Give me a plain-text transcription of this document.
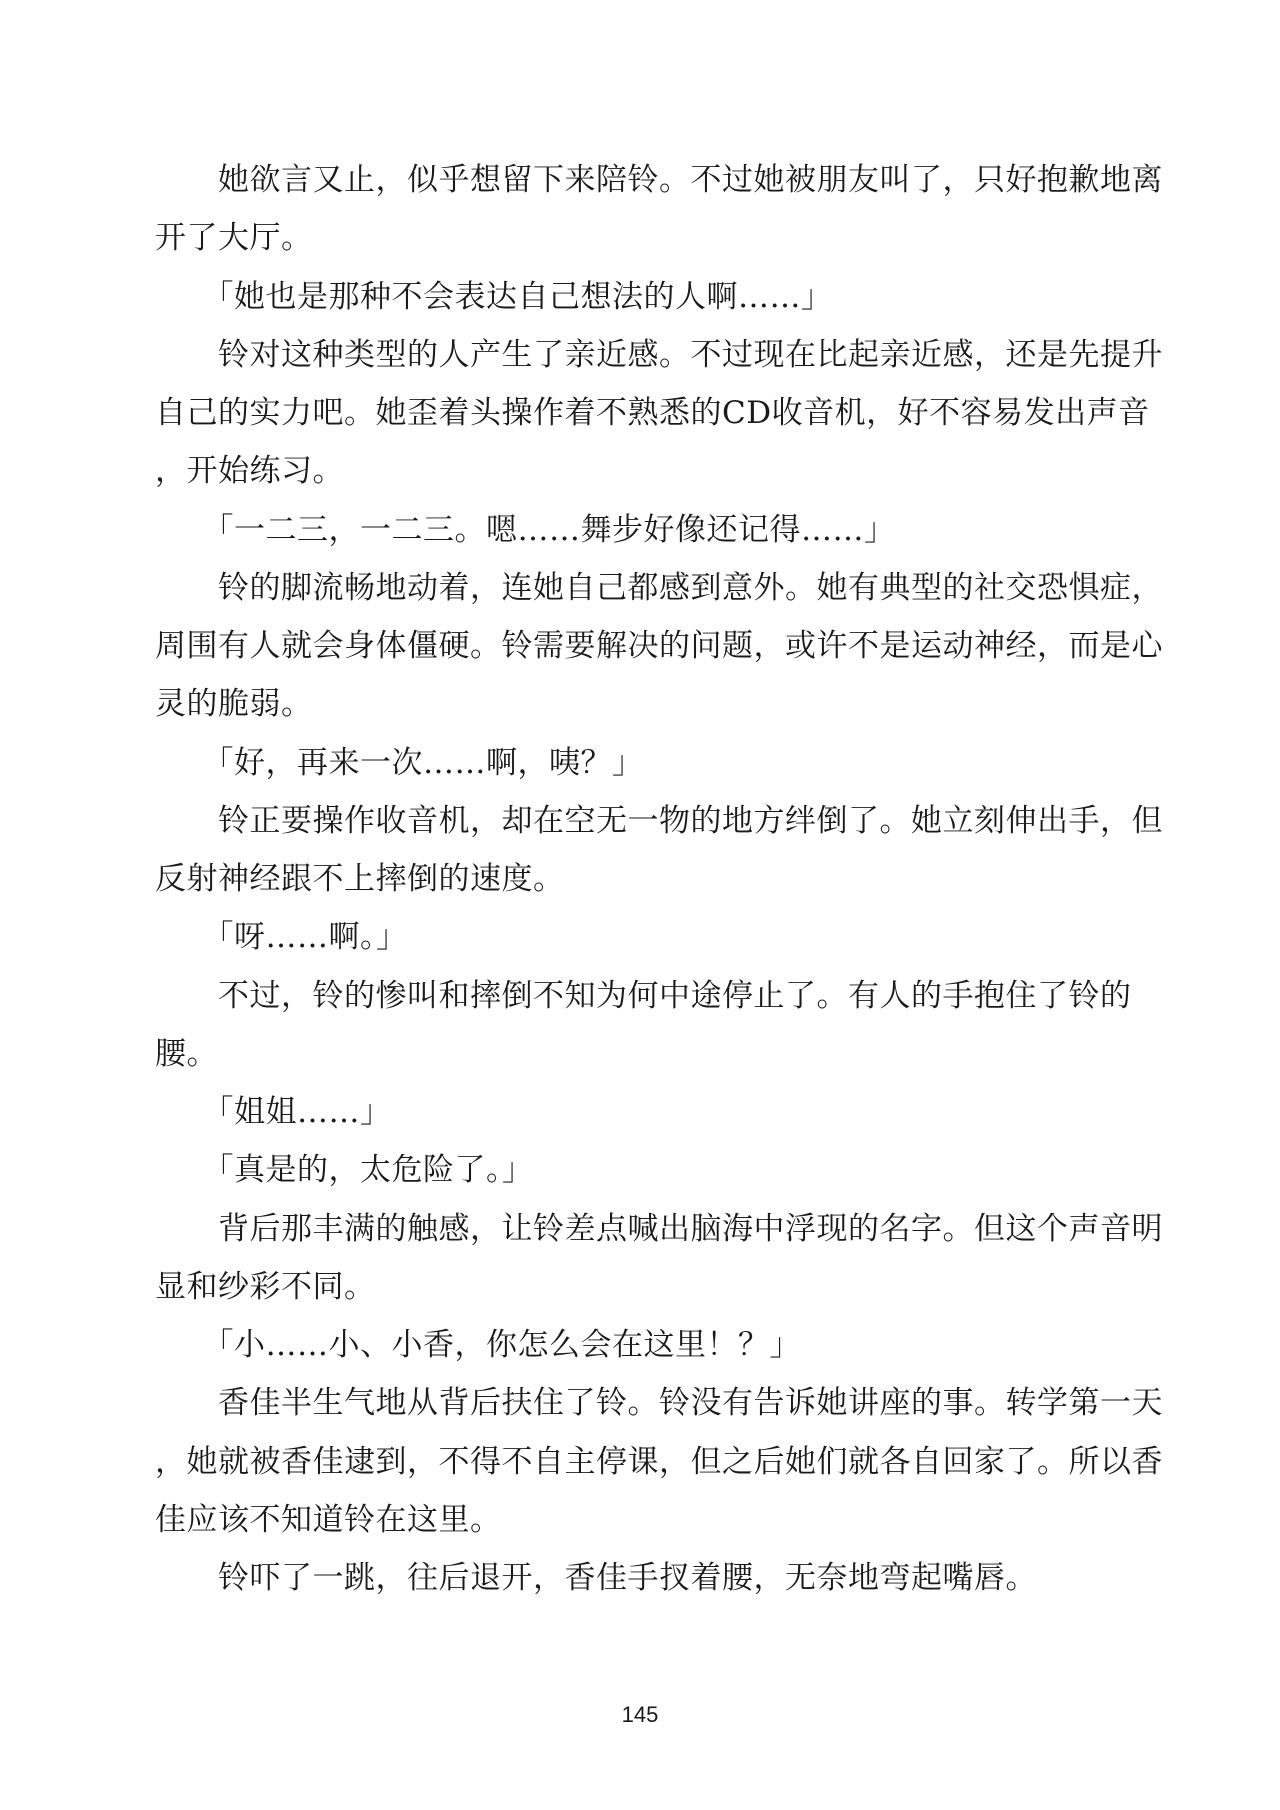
　　她欲言又止，似乎想留下来陪铃。不过她被朋友叫了，只好抱歉地离
开了大厅。
　　「她也是那种不会表达自己想法的人啊……」
　　铃对这种类型的人产生了亲近感。不过现在比起亲近感，还是先提升
自己的实力吧。她歪着头操作着不熟悉的CD收音机，好不容易发出声音
，开始练习。
　　「一二三，一二三。嗯……舞步好像还记得……」
　　铃的脚流畅地动着，连她自己都感到意外。她有典型的社交恐惧症，
周围有人就会身体僵硬。铃需要解决的问题，或许不是运动神经，而是心
灵的脆弱。
　　「好，再来一次……啊，咦？」
　　铃正要操作收音机，却在空无一物的地方绊倒了。她立刻伸出手，但
反射神经跟不上摔倒的速度。
　　「呀……啊。」
　　不过，铃的惨叫和摔倒不知为何中途停止了。有人的手抱住了铃的
腰。
　　「姐姐……」
　　「真是的，太危险了。」
　　背后那丰满的触感，让铃差点喊出脑海中浮现的名字。但这个声音明
显和纱彩不同。
　　「小……小、小香，你怎么会在这里！？」
　　香佳半生气地从背后扶住了铃。铃没有告诉她讲座的事。转学第一天
，她就被香佳逮到，不得不自主停课，但之后她们就各自回家了。所以香
佳应该不知道铃在这里。
　　铃吓了一跳，往后退开，香佳手扠着腰，无奈地弯起嘴唇。
145
